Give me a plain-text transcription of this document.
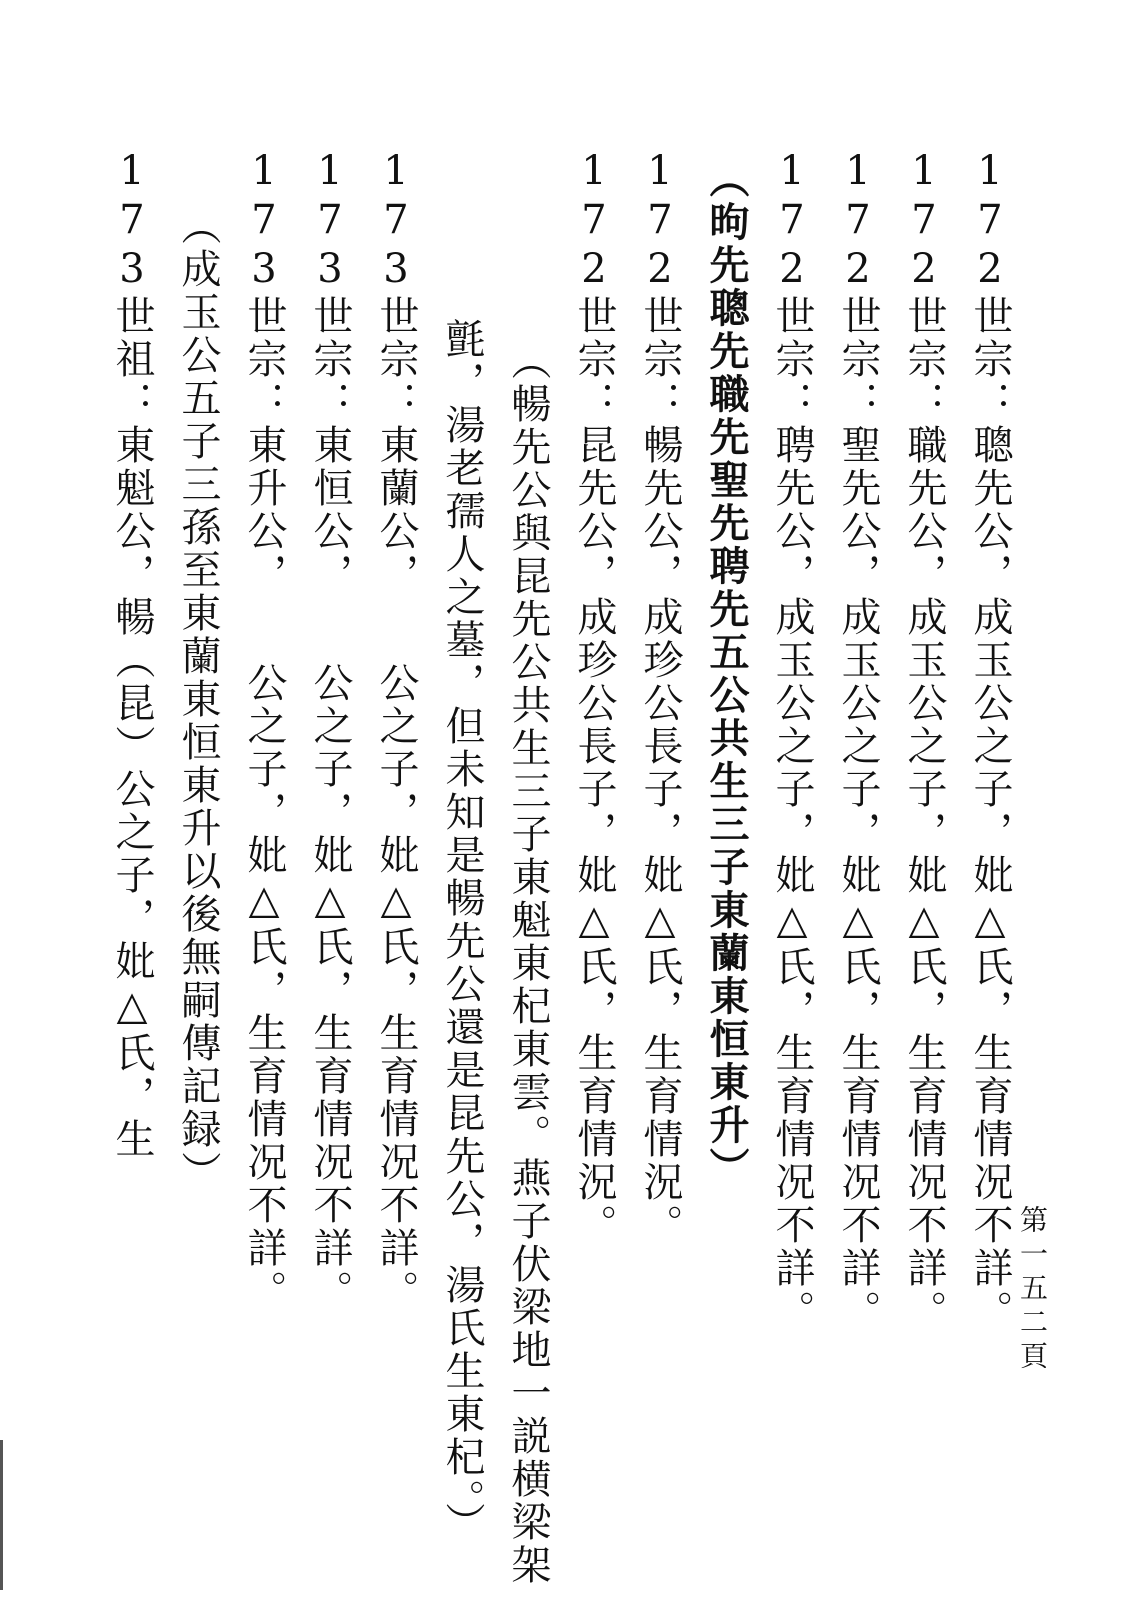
第一五二頁
172世宗：聰先公，成玉公之子，妣△氏，生育情况不詳。
172世宗：職先公，成玉公之子，妣△氏，生育情况不詳。
172世宗：聖先公，成玉公之子，妣△氏，生育情况不詳。
172世宗：聘先公，成玉公之子，妣△氏，生育情况不詳。
（昫先聰先職先聖先聘先五公共生三子東蘭東恒東升）
172世宗：暢先公，成珍公長子，妣△氏，生育情況。
172世宗：昆先公，成珍公長子，妣△氏，生育情況。
（暢先公與昆先公共生三子東魁東杞東雲。燕子伏梁地一説横梁架
氈，湯老孺人之墓，但未知是暢先公還是昆先公，湯氏生東杞。）
173世宗：東蘭公，　　公之子，妣△氏，生育情况不詳。
173世宗：東恒公，　　公之子，妣△氏，生育情况不詳。
173世宗：東升公，　　公之子，妣△氏，生育情况不詳。
（成玉公五子三孫至東蘭東恒東升以後無嗣傳記録）
173世祖：東魁公，暢（昆）公之子，妣△氏，生
